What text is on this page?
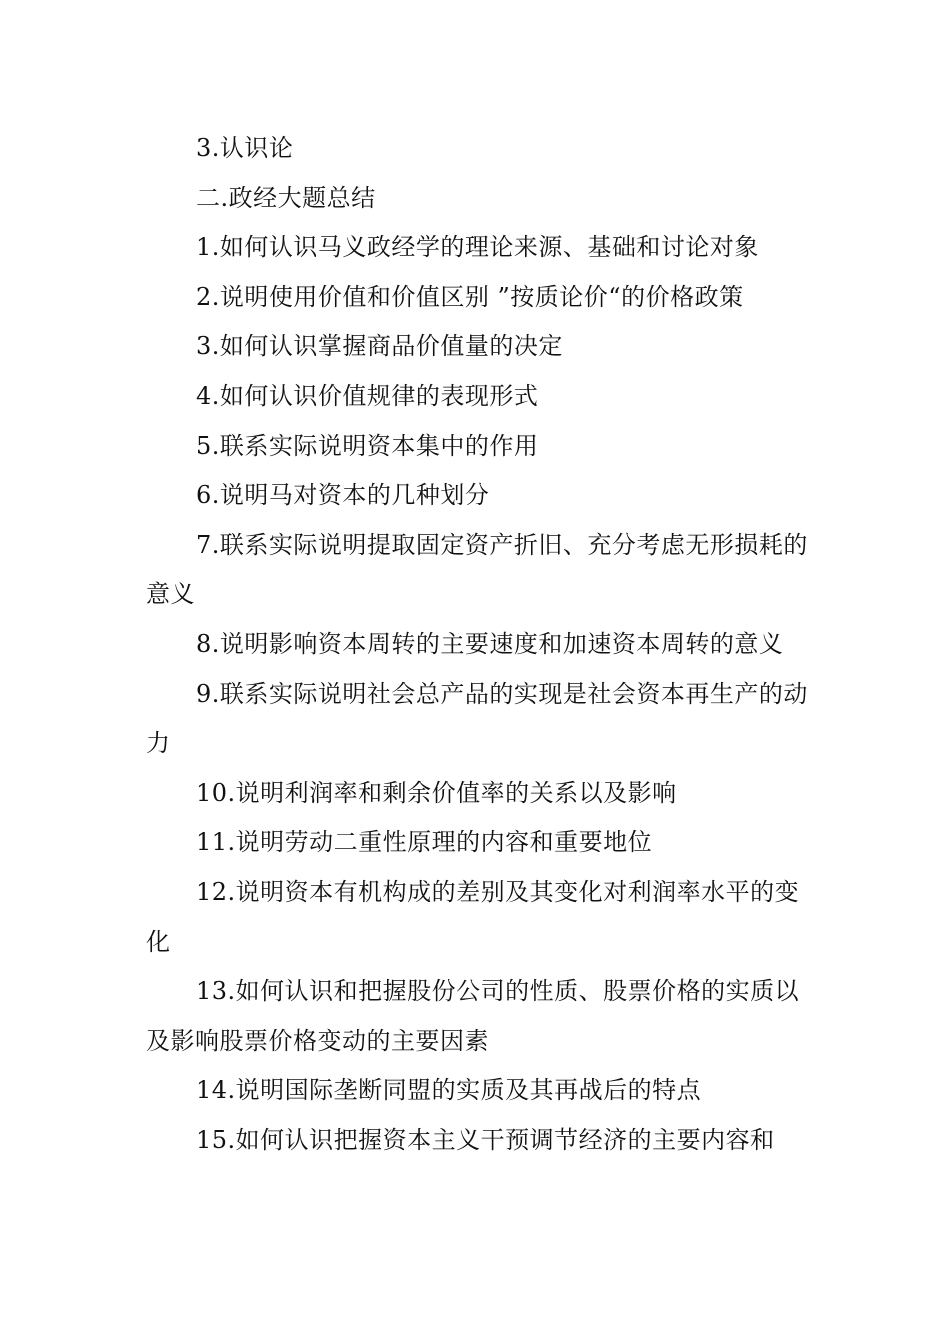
3.认识论

二.政经大题总结

1.如何认识马义政经学的理论来源、基础和讨论对象

2.说明使用价值和价值区别 ”按质论价“的价格政策

3.如何认识掌握商品价值量的决定

4.如何认识价值规律的表现形式

5.联系实际说明资本集中的作用

6.说明马对资本的几种划分

7.联系实际说明提取固定资产折旧、充分考虑无形损耗的意义

8.说明影响资本周转的主要速度和加速资本周转的意义

9.联系实际说明社会总产品的实现是社会资本再生产的动力

10.说明利润率和剩余价值率的关系以及影响

11.说明劳动二重性原理的内容和重要地位

12.说明资本有机构成的差别及其变化对利润率水平的变化

13.如何认识和把握股份公司的性质、股票价格的实质以及影响股票价格变动的主要因素

14.说明国际垄断同盟的实质及其再战后的特点

15.如何认识把握资本主义干预调节经济的主要内容和
